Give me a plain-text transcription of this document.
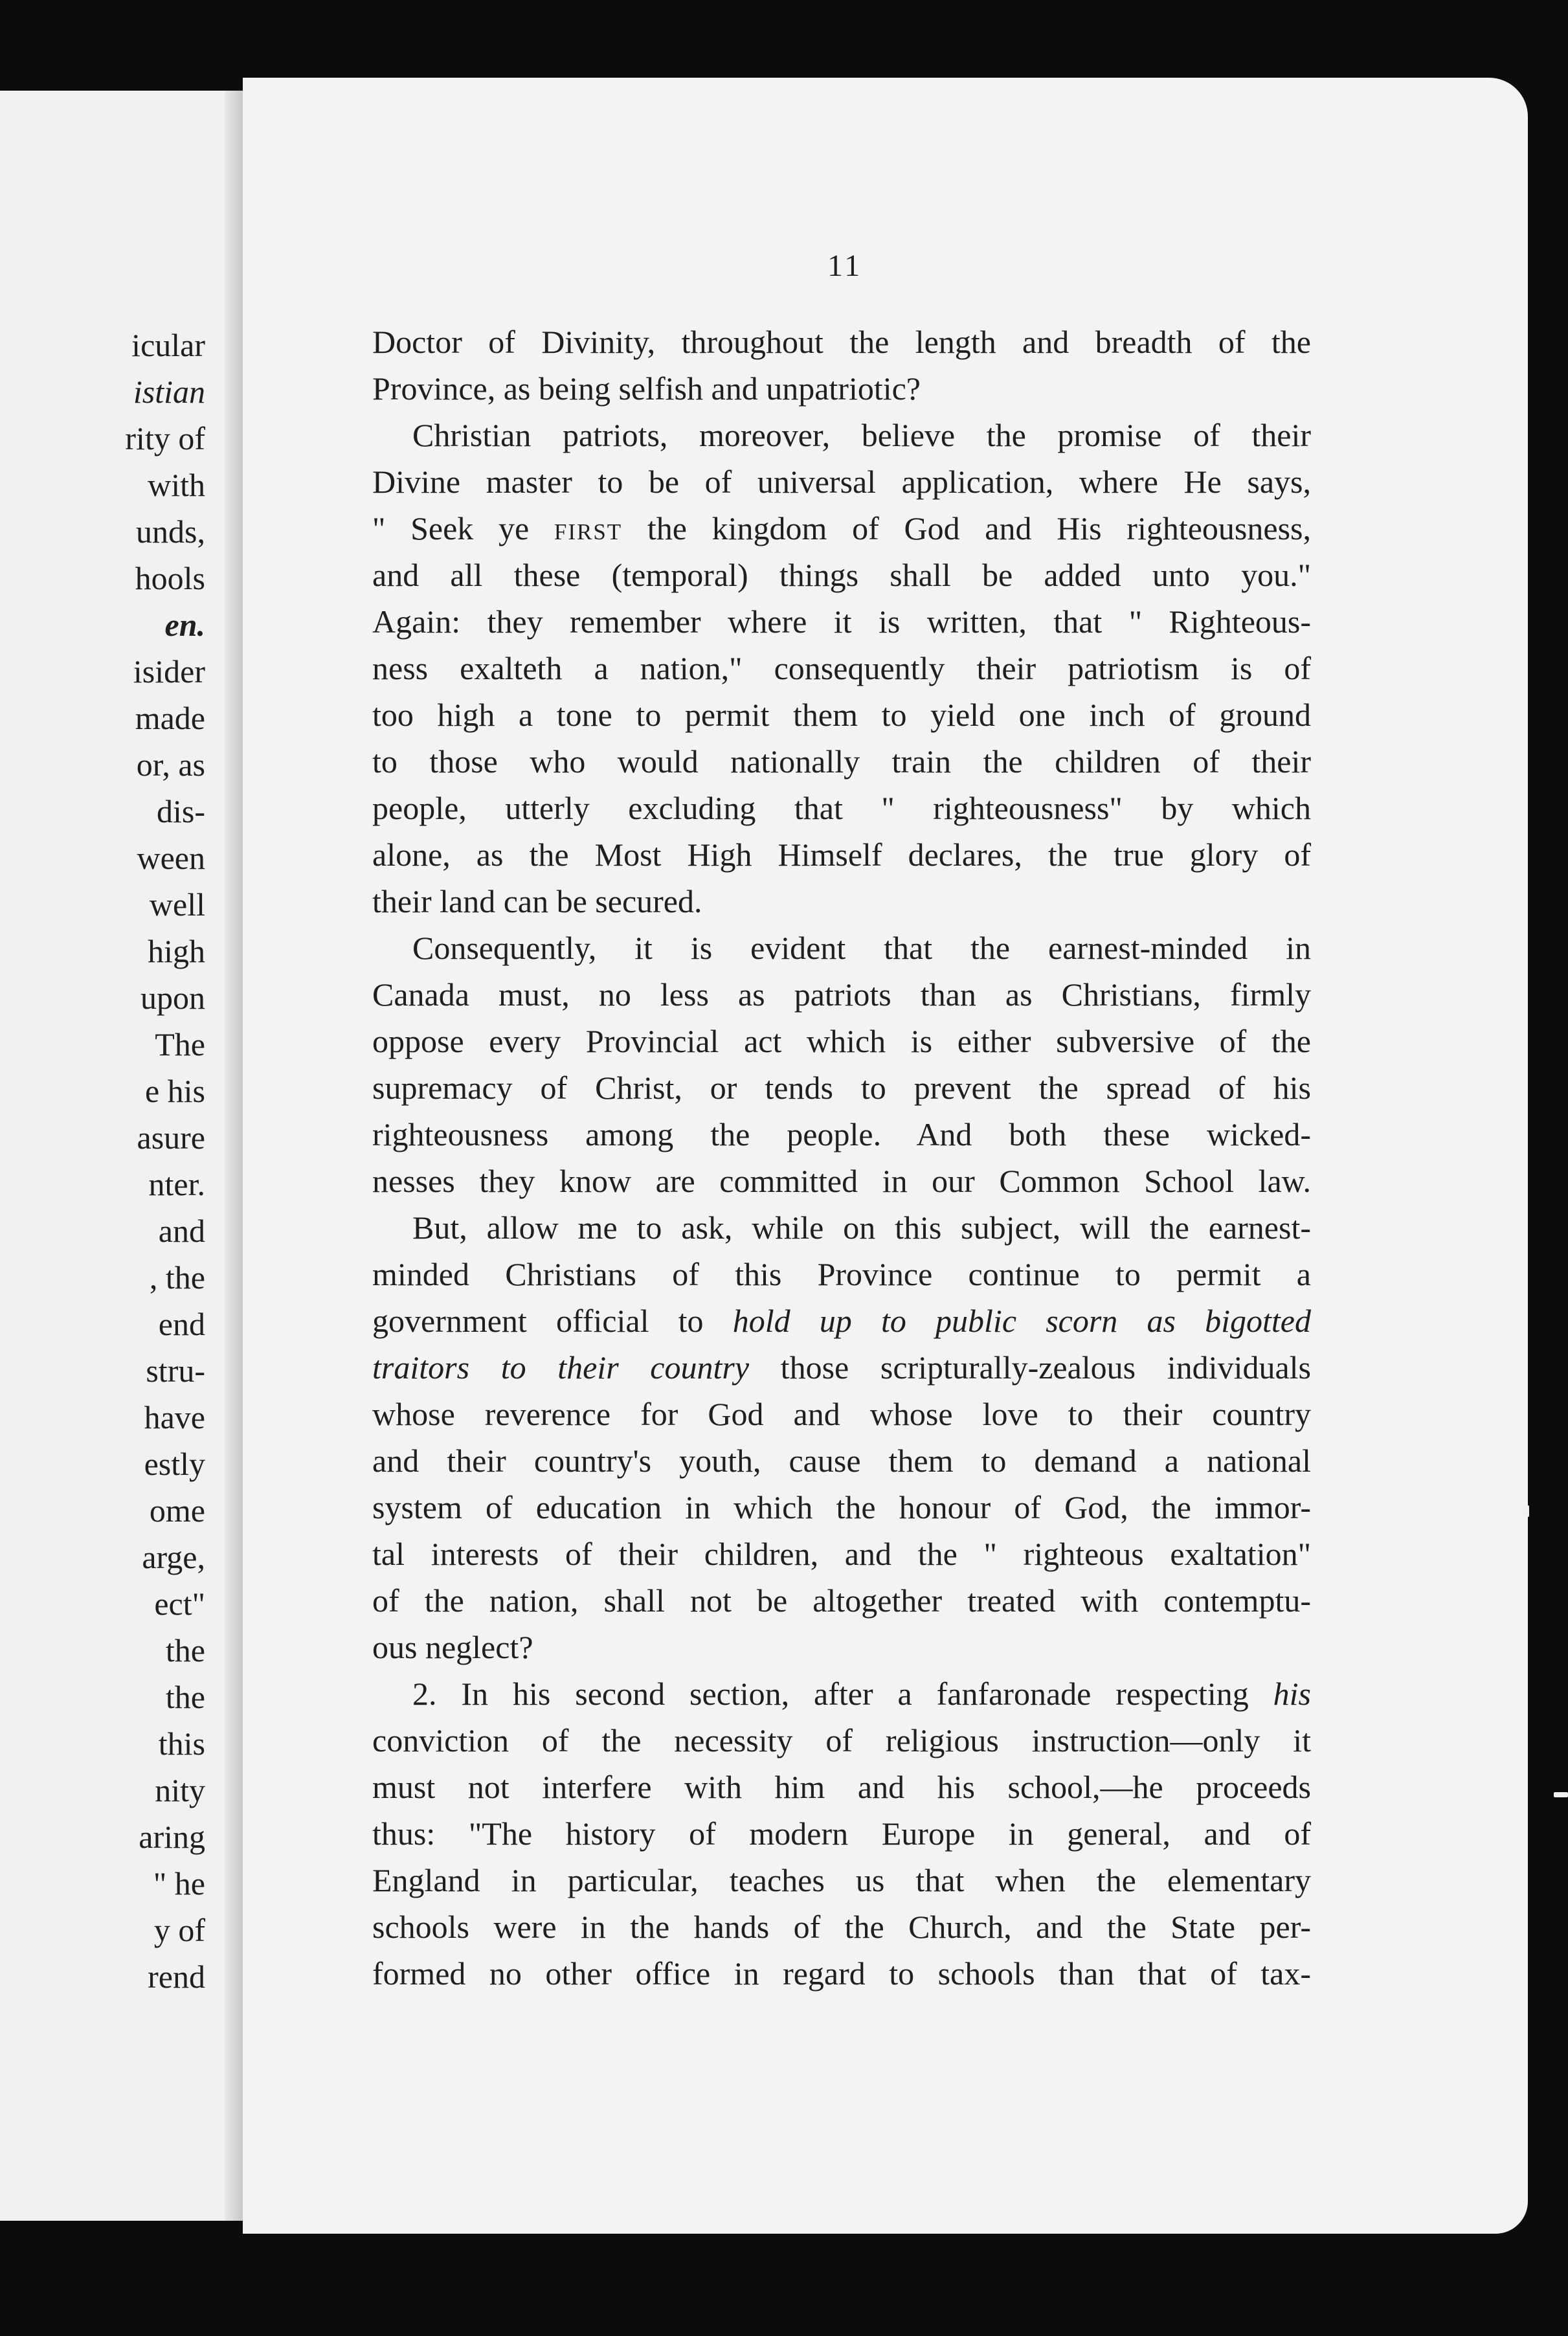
icular
istian
rity of
with
unds,
hools
en.
isider
made
or, as
dis-
ween
well
high
upon
The
e his
asure
nter.
and
, the
end
stru-
have
estly
ome
arge,
ect"
the
the
this
nity
aring
" he
y of
rend
11

Doctor of Divinity, throughout the length and breadth of the
Province, as being selfish and unpatriotic?

Christian patriots, moreover, believe the promise of their
Divine master to be of universal application, where He says,
" Seek ye first the kingdom of God and His righteousness,
and all these (temporal) things shall be added unto you."
Again: they remember where it is written, that " Righteous-
ness exalteth a nation," consequently their patriotism is of
too high a tone to permit them to yield one inch of ground
to those who would nationally train the children of their
people, utterly excluding that " righteousness" by which
alone, as the Most High Himself declares, the true glory of
their land can be secured.

Consequently, it is evident that the earnest-minded in
Canada must, no less as patriots than as Christians, firmly
oppose every Provincial act which is either subversive of the
supremacy of Christ, or tends to prevent the spread of his
righteousness among the people. And both these wicked-
nesses they know are committed in our Common School law.

But, allow me to ask, while on this subject, will the earnest-
minded Christians of this Province continue to permit a
government official to hold up to public scorn as bigotted
traitors to their country those scripturally-zealous individuals
whose reverence for God and whose love to their country
and their country's youth, cause them to demand a national
system of education in which the honour of God, the immor-
tal interests of their children, and the " righteous exaltation"
of the nation, shall not be altogether treated with contemptu-
ous neglect?

2. In his second section, after a fanfaronade respecting his
conviction of the necessity of religious instruction—only it
must not interfere with him and his school,—he proceeds
thus: "The history of modern Europe in general, and of
England in particular, teaches us that when the elementary
schools were in the hands of the Church, and the State per-
formed no other office in regard to schools than that of tax-
